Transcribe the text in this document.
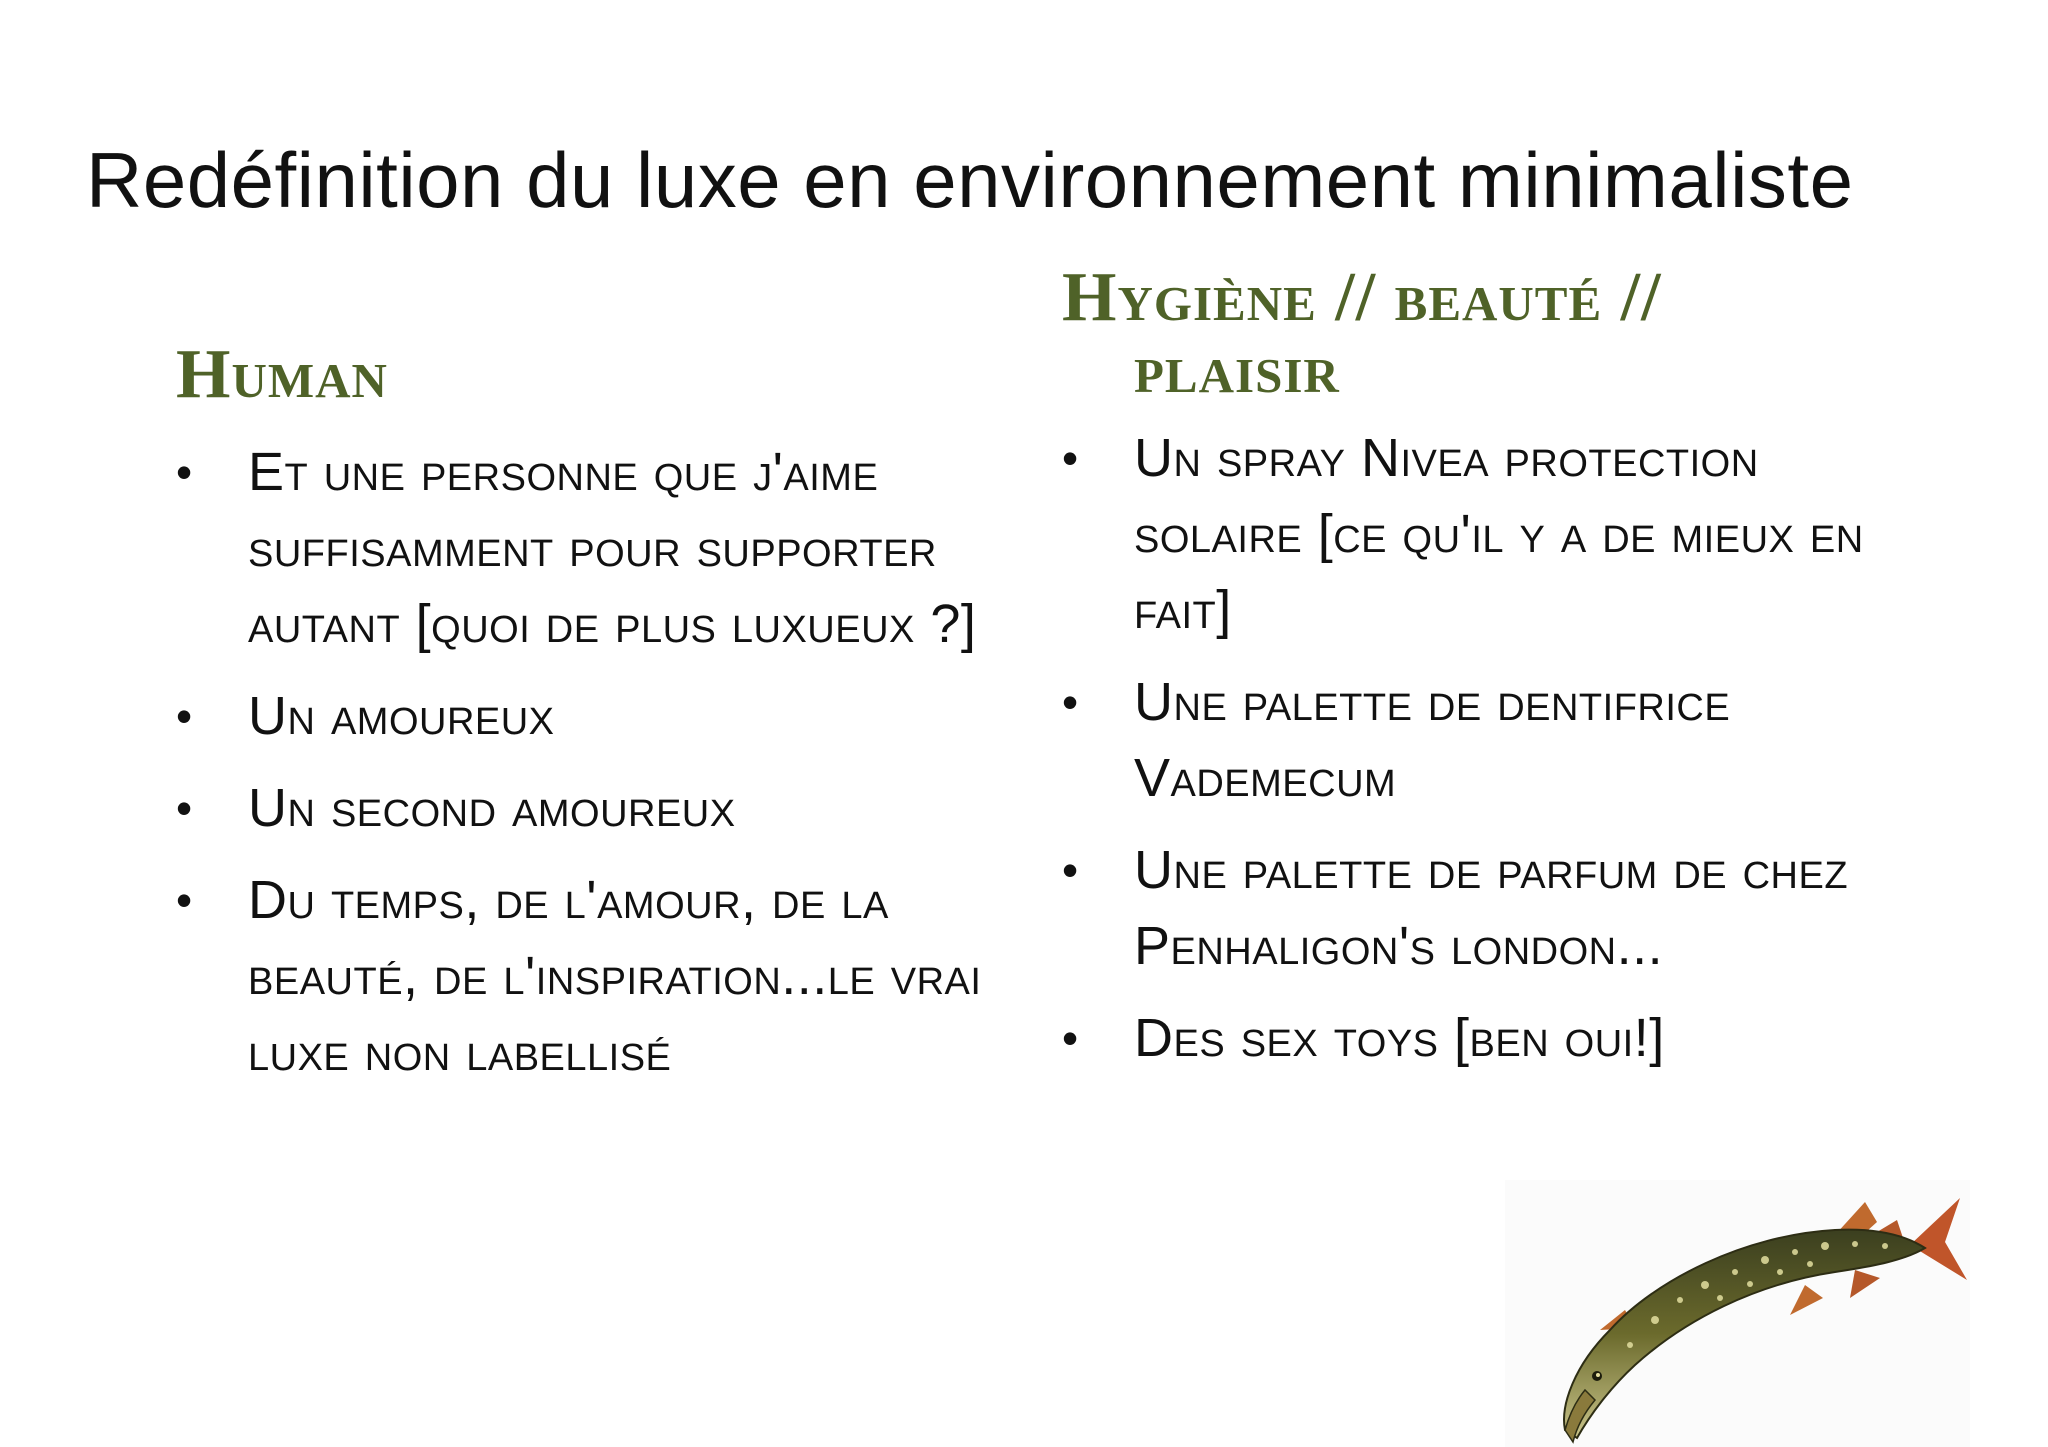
Redéfinition du luxe en environnement minimaliste
Human
• Et une personne que j'aime suffisamment pour supporter autant [quoi de plus luxueux ?]
• Un amoureux
• Un second amoureux
• Du temps, de l'amour, de la beauté, de l'inspiration...le vrai luxe non labellisé
Hygiène // beauté //
plaisir
• Un spray Nivea protection solaire [ce qu'il y a de mieux en fait]
• Une palette de dentifrice Vademecum
• Une palette de parfum de chez Penhaligon's london...
• Des sex toys [ben oui!]
